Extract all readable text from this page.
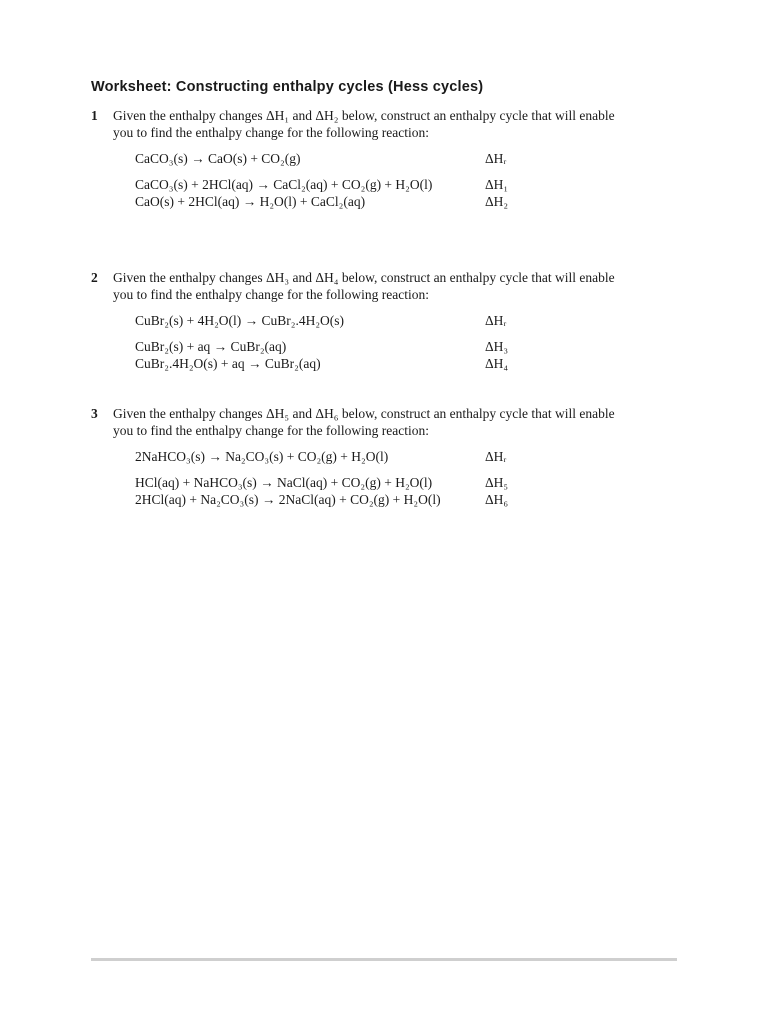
Worksheet: Constructing enthalpy cycles (Hess cycles)
1 Given the enthalpy changes ΔH₁ and ΔH₂ below, construct an enthalpy cycle that will enable
you to find the enthalpy change for the following reaction:
CaCO₃(s) → CaO(s) + CO₂(g)	ΔHᵣ
CaCO₃(s) + 2HCl(aq) → CaCl₂(aq) + CO₂(g) + H₂O(l)	ΔH₁
CaO(s) + 2HCl(aq) → H₂O(l) + CaCl₂(aq)	ΔH₂
2 Given the enthalpy changes ΔH₃ and ΔH₄ below, construct an enthalpy cycle that will enable
you to find the enthalpy change for the following reaction:
CuBr₂(s) + 4H₂O(l) → CuBr₂.4H₂O(s)	ΔHᵣ
CuBr₂(s) + aq → CuBr₂(aq)	ΔH₃
CuBr₂.4H₂O(s) + aq → CuBr₂(aq)	ΔH₄
3 Given the enthalpy changes ΔH₅ and ΔH₆ below, construct an enthalpy cycle that will enable
you to find the enthalpy change for the following reaction:
2NaHCO₃(s) → Na₂CO₃(s) + CO₂(g) + H₂O(l)	ΔHᵣ
HCl(aq) + NaHCO₃(s) → NaCl(aq) + CO₂(g) + H₂O(l)	ΔH₅
2HCl(aq) + Na₂CO₃(s) → 2NaCl(aq) + CO₂(g) + H₂O(l)	ΔH₆
